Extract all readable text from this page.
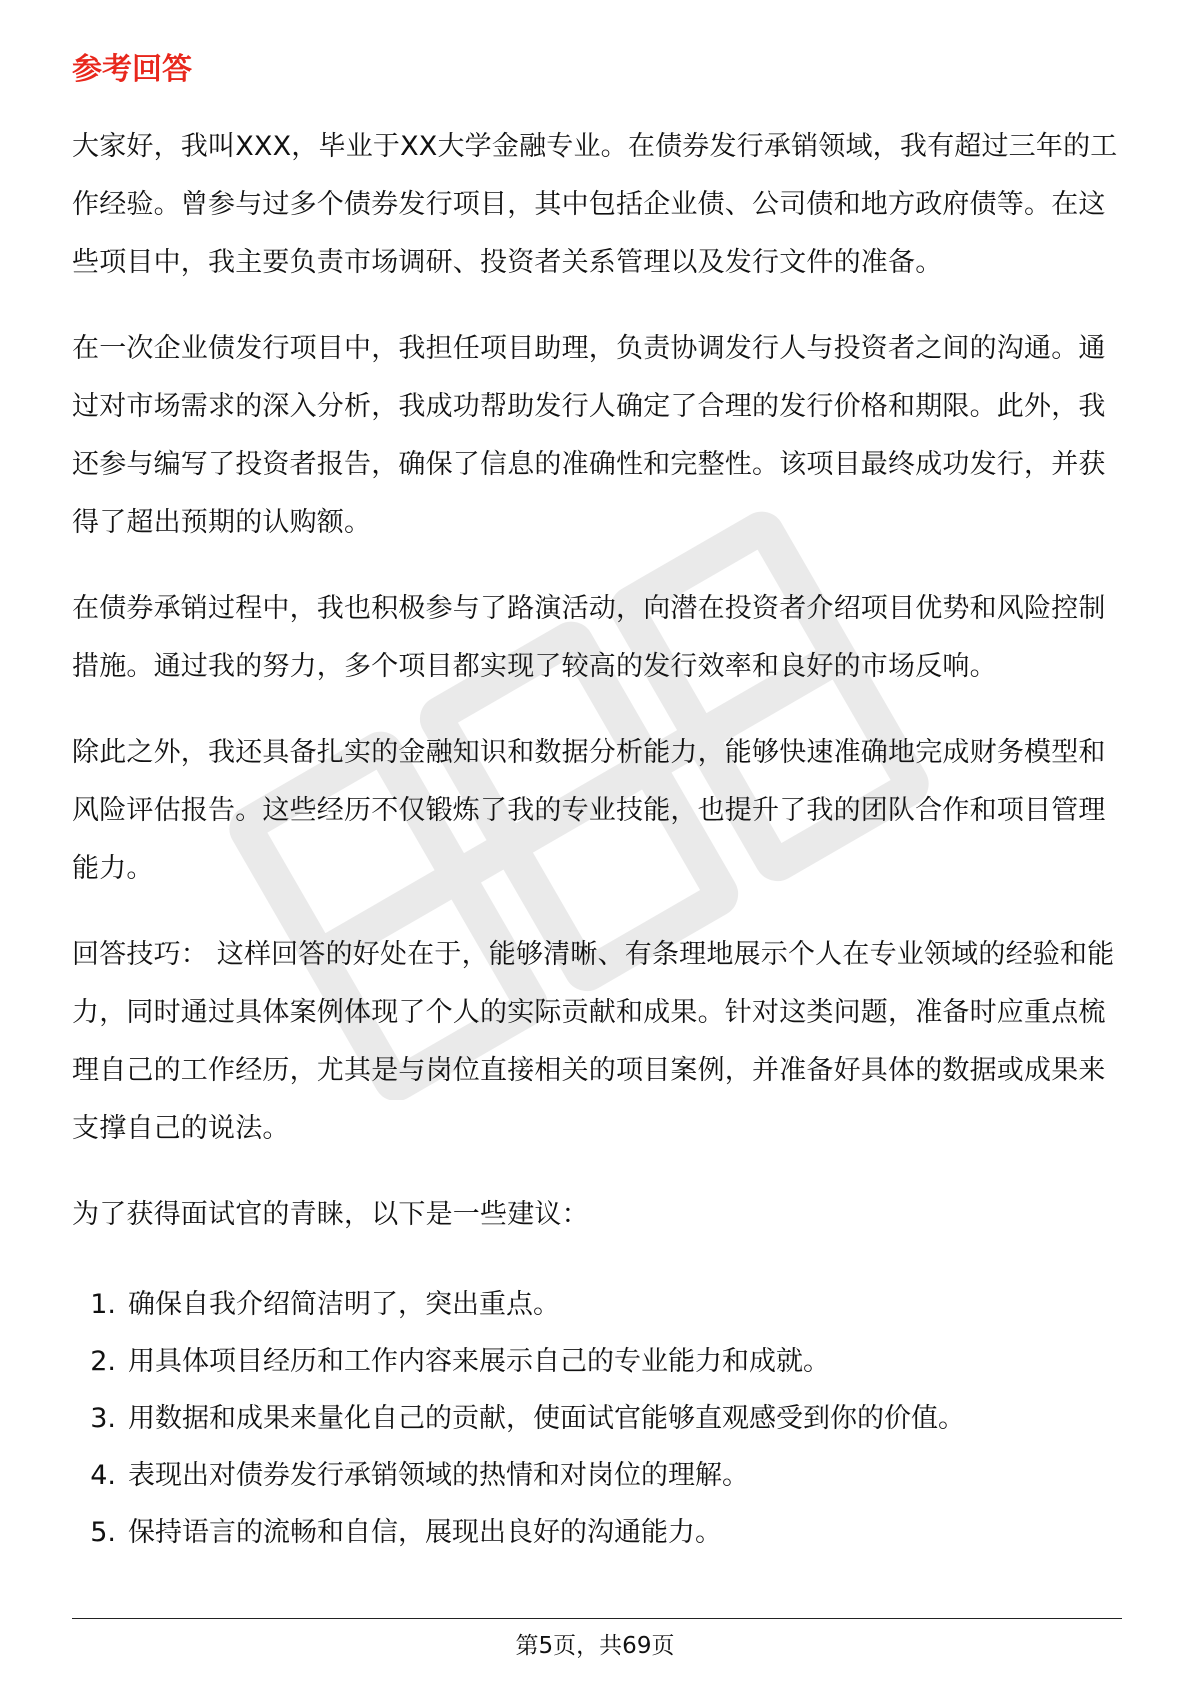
参考回答

大家好，我叫XXX，毕业于XX大学金融专业。在债券发行承销领域，我有超过三年的工作经验。曾参与过多个债券发行项目，其中包括企业债、公司债和地方政府债等。在这些项目中，我主要负责市场调研、投资者关系管理以及发行文件的准备。

在一次企业债发行项目中，我担任项目助理，负责协调发行人与投资者之间的沟通。通过对市场需求的深入分析，我成功帮助发行人确定了合理的发行价格和期限。此外，我还参与编写了投资者报告，确保了信息的准确性和完整性。该项目最终成功发行，并获得了超出预期的认购额。

在债券承销过程中，我也积极参与了路演活动，向潜在投资者介绍项目优势和风险控制措施。通过我的努力，多个项目都实现了较高的发行效率和良好的市场反响。

除此之外，我还具备扎实的金融知识和数据分析能力，能够快速准确地完成财务模型和风险评估报告。这些经历不仅锻炼了我的专业技能，也提升了我的团队合作和项目管理能力。

回答技巧： 这样回答的好处在于，能够清晰、有条理地展示个人在专业领域的经验和能力，同时通过具体案例体现了个人的实际贡献和成果。针对这类问题，准备时应重点梳理自己的工作经历，尤其是与岗位直接相关的项目案例，并准备好具体的数据或成果来支撑自己的说法。

为了获得面试官的青睐，以下是一些建议：

1. 确保自我介绍简洁明了，突出重点。
2. 用具体项目经历和工作内容来展示自己的专业能力和成就。
3. 用数据和成果来量化自己的贡献，使面试官能够直观感受到你的价值。
4. 表现出对债券发行承销领域的热情和对岗位的理解。
5. 保持语言的流畅和自信，展现出良好的沟通能力。
第5页，共69页
